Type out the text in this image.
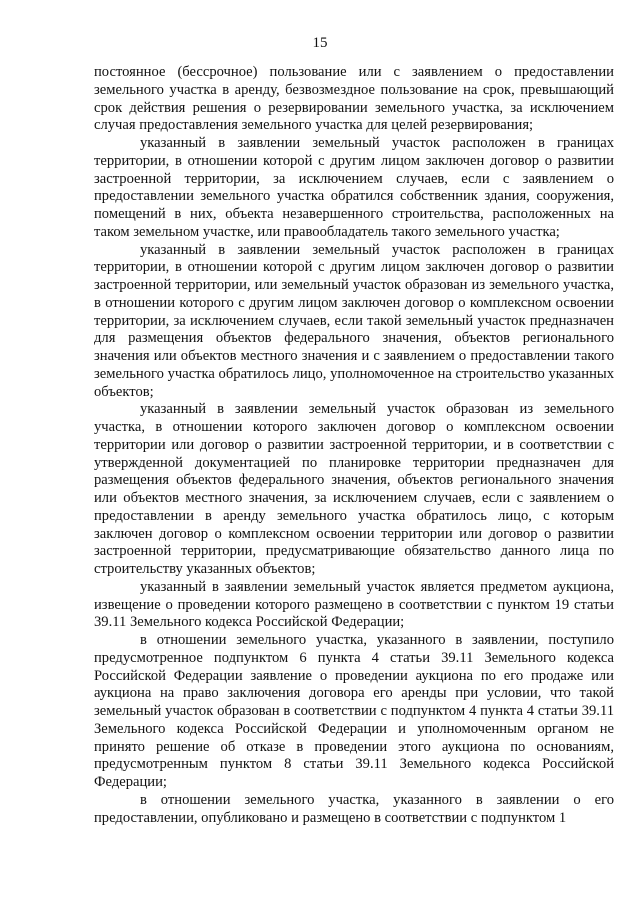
15

постоянное (бессрочное) пользование или с заявлением о предоставлении земельного участка в аренду, безвозмездное пользование на срок, превышающий срок действия решения о резервировании земельного участка, за исключением случая предоставления земельного участка для целей резервирования;

указанный в заявлении земельный участок расположен в границах территории, в отношении которой с другим лицом заключен договор о развитии застроенной территории, за исключением случаев, если с заявлением о предоставлении земельного участка обратился собственник здания, сооружения, помещений в них, объекта незавершенного строительства, расположенных на таком земельном участке, или правообладатель такого земельного участка;

указанный в заявлении земельный участок расположен в границах территории, в отношении которой с другим лицом заключен договор о развитии застроенной территории, или земельный участок образован из земельного участка, в отношении которого с другим лицом заключен договор о комплексном освоении территории, за исключением случаев, если такой земельный участок предназначен для размещения объектов федерального значения, объектов регионального значения или объектов местного значения и с заявлением о предоставлении такого земельного участка обратилось лицо, уполномоченное на строительство указанных объектов;

указанный в заявлении земельный участок образован из земельного участка, в отношении которого заключен договор о комплексном освоении территории или договор о развитии застроенной территории, и в соответствии с утвержденной документацией по планировке территории предназначен для размещения объектов федерального значения, объектов регионального значения или объектов местного значения, за исключением случаев, если с заявлением о предоставлении в аренду земельного участка обратилось лицо, с которым заключен договор о комплексном освоении территории или договор о развитии застроенной территории, предусматривающие обязательство данного лица по строительству указанных объектов;

указанный в заявлении земельный участок является предметом аукциона, извещение о проведении которого размещено в соответствии с пунктом 19 статьи 39.11 Земельного кодекса Российской Федерации;

в отношении земельного участка, указанного в заявлении, поступило предусмотренное подпунктом 6 пункта 4 статьи 39.11 Земельного кодекса Российской Федерации заявление о проведении аукциона по его продаже или аукциона на право заключения договора его аренды при условии, что такой земельный участок образован в соответствии с подпунктом 4 пункта 4 статьи 39.11 Земельного кодекса Российской Федерации и уполномоченным органом не принято решение об отказе в проведении этого аукциона по основаниям, предусмотренным пунктом 8 статьи 39.11 Земельного кодекса Российской Федерации;

в отношении земельного участка, указанного в заявлении о его предоставлении, опубликовано и размещено в соответствии с подпунктом 1
